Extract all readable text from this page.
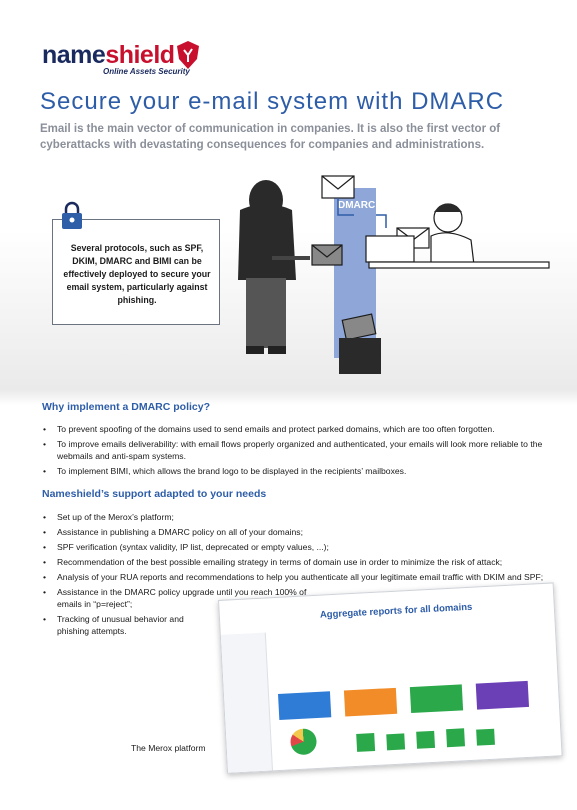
nameshield
Online Assets Security
Secure your e-mail system with DMARC

Email is the main vector of communication in companies. It is also the first vector of cyberattacks with devastating consequences for companies and administrations.

Several protocols, such as SPF, DKIM, DMARC and BIMI can be effectively deployed to secure your email system, particularly against phishing.
DMARC
Why implement a DMARC policy?
• To prevent spoofing of the domains used to send emails and protect parked domains, which are too often forgotten.
• To improve emails deliverability: with email flows properly organized and authenticated, your emails will look more reliable to the webmails and anti-spam systems.
• To implement BIMI, which allows the brand logo to be displayed in the recipients’ mailboxes.
Nameshield’s support adapted to your needs
• Set up of the Merox’s platform;
• Assistance in publishing a DMARC policy on all of your domains;
• SPF verification (syntax validity, IP list, deprecated or empty values, ...);
• Recommendation of the best possible emailing strategy in terms of domain use in order to minimize the risk of attack;
• Analysis of your RUA reports and recommendations to help you authenticate all your legitimate email traffic with DKIM and SPF;
• Assistance in the DMARC policy upgrade until you reach 100% of emails in “p=reject”;
• Tracking of unusual behavior and phishing attempts.
Aggregate reports for all domains
The Merox platform
